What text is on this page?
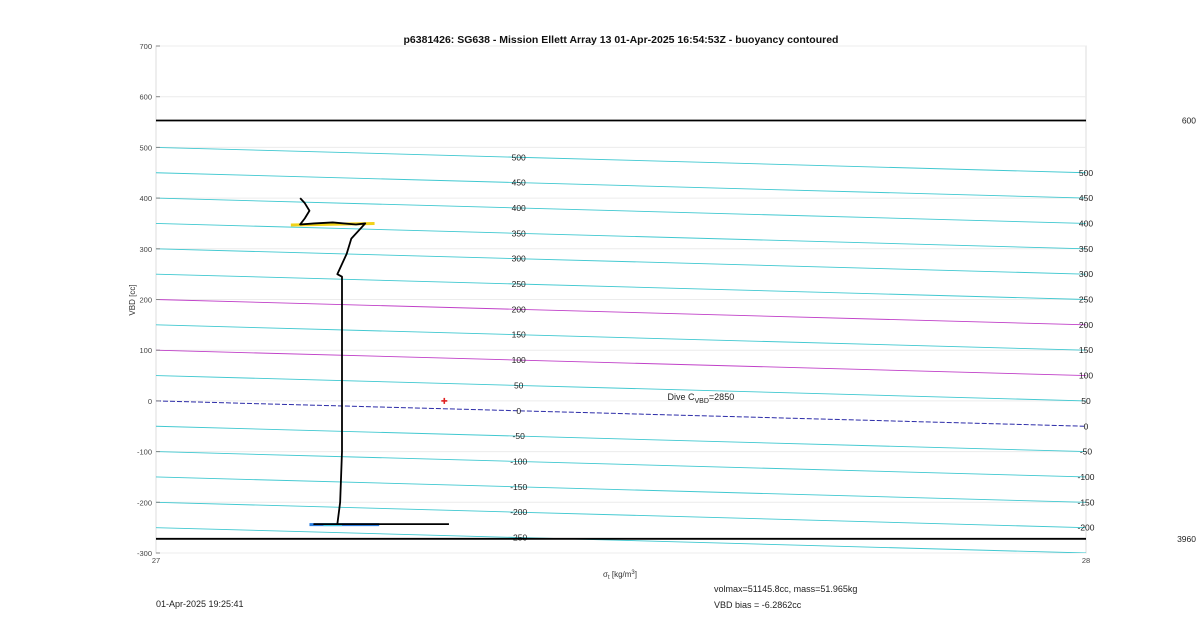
-250
-200
-200
-150
-150
-100
-100
-50
-50
0
0
50
50
100
100
150
150
200
200
250
250
300
300
350
350
400
400
450
450
500
500
600
3960
-300
-200
-100
0
100
200
300
400
500
600
700
27	28
p6381426: SG638 - Mission Ellett Array 13 01-Apr-2025 16:54:53Z - buoyancy contoured
VBD [cc]
$\sigma_t$ $[kg/m^3]$
Dive $C_{VBD}=2850$
01-Apr-2025 19:25:41
volmax=51145.8cc, mass=51.965kg
VBD bias = -6.2862cc
